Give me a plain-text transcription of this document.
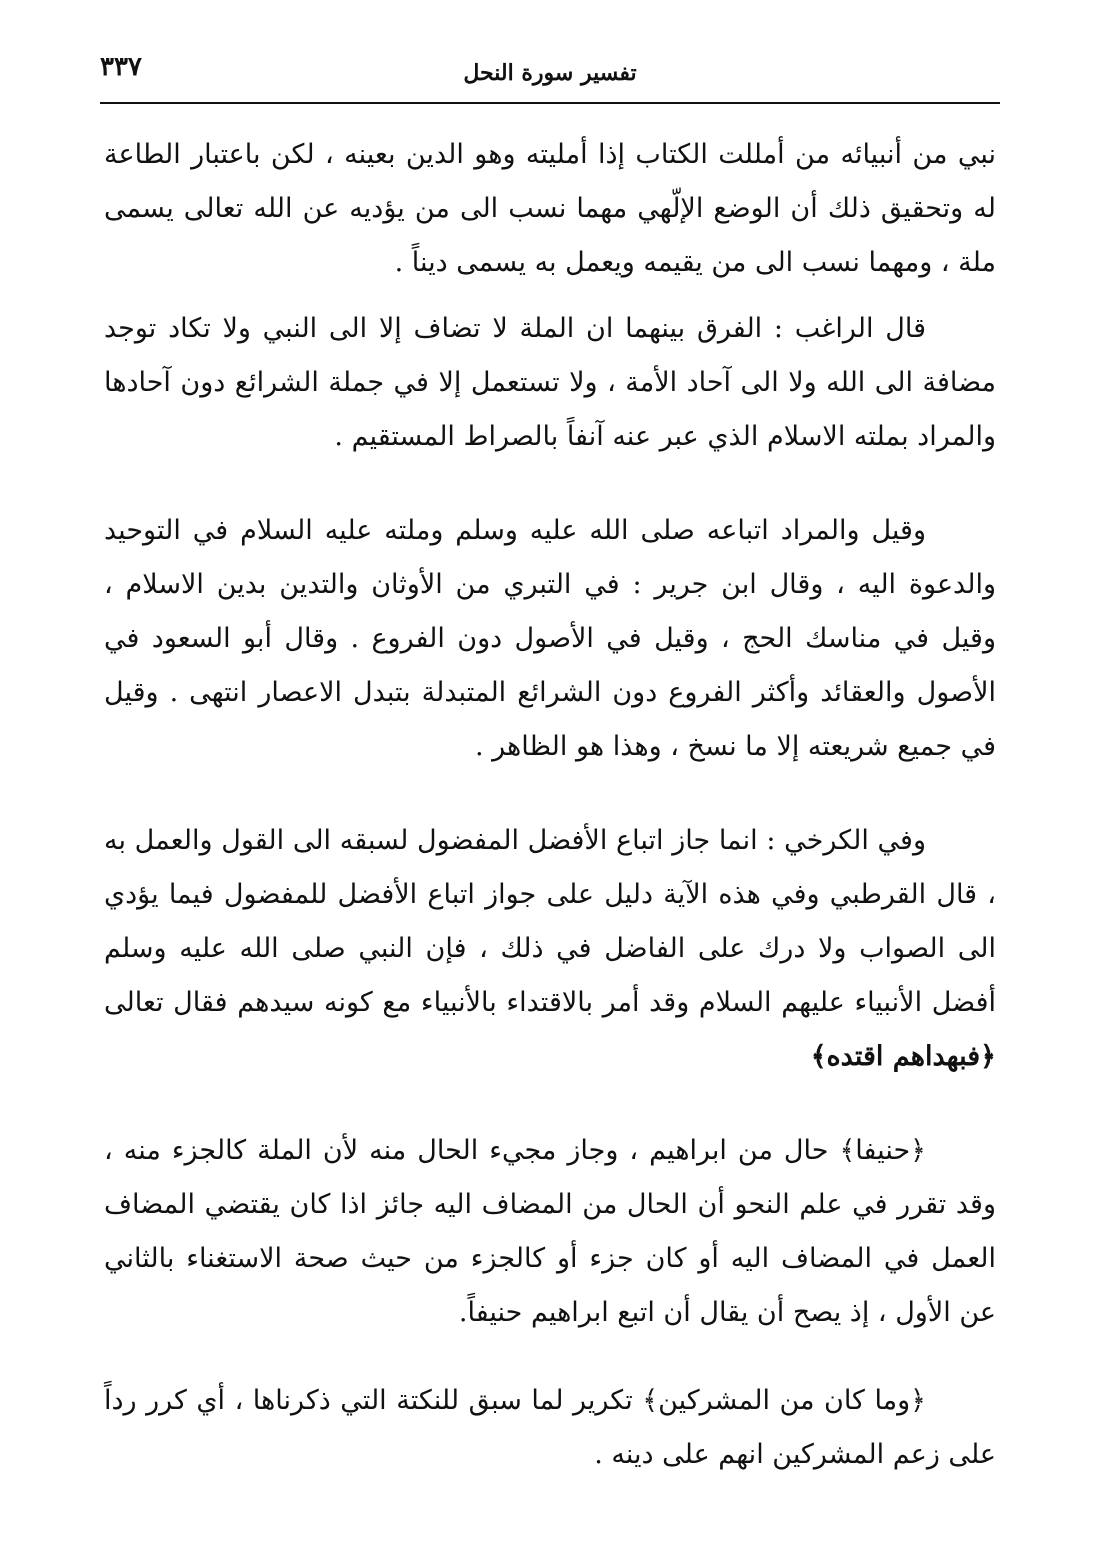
٣٣٧	تفسير سورة النحل

نبي من أنبيائه من أمللت الكتاب إذا أمليته وهو الدين بعينه ، لكن باعتبار الطاعة له وتحقيق ذلك أن الوضع الإلّهي مهما نسب الى من يؤديه عن الله تعالى يسمى ملة ، ومهما نسب الى من يقيمه ويعمل به يسمى ديناً .

قال الراغب : الفرق بينهما ان الملة لا تضاف إلا الى النبي ولا تكاد توجد مضافة الى الله ولا الى آحاد الأمة ، ولا تستعمل إلا في جملة الشرائع دون آحادها والمراد بملته الاسلام الذي عبر عنه آنفاً بالصراط المستقيم .

وقيل والمراد اتباعه صلى الله عليه وسلم وملته عليه السلام في التوحيد والدعوة اليه ، وقال ابن جرير : في التبري من الأوثان والتدين بدين الاسلام ، وقيل في مناسك الحج ، وقيل في الأصول دون الفروع . وقال أبو السعود في الأصول والعقائد وأكثر الفروع دون الشرائع المتبدلة بتبدل الاعصار انتهى . وقيل في جميع شريعته إلا ما نسخ ، وهذا هو الظاهر .

وفي الكرخي : انما جاز اتباع الأفضل المفضول لسبقه الى القول والعمل به ، قال القرطبي وفي هذه الآية دليل على جواز اتباع الأفضل للمفضول فيما يؤدي الى الصواب ولا درك على الفاضل في ذلك ، فإن النبي صلى الله عليه وسلم أفضل الأنبياء عليهم السلام وقد أمر بالاقتداء بالأنبياء مع كونه سيدهم فقال تعالى ﴿فبهداهم اقتده﴾

﴿حنيفا﴾ حال من ابراهيم ، وجاز مجيء الحال منه لأن الملة كالجزء منه ، وقد تقرر في علم النحو أن الحال من المضاف اليه جائز اذا كان يقتضي المضاف العمل في المضاف اليه أو كان جزء أو كالجزء من حيث صحة الاستغناء بالثاني عن الأول ، إذ يصح أن يقال أن اتبع ابراهيم حنيفاً.

﴿وما كان من المشركين﴾ تكرير لما سبق للنكتة التي ذكرناها ، أي كرر رداً على زعم المشركين انهم على دينه .
